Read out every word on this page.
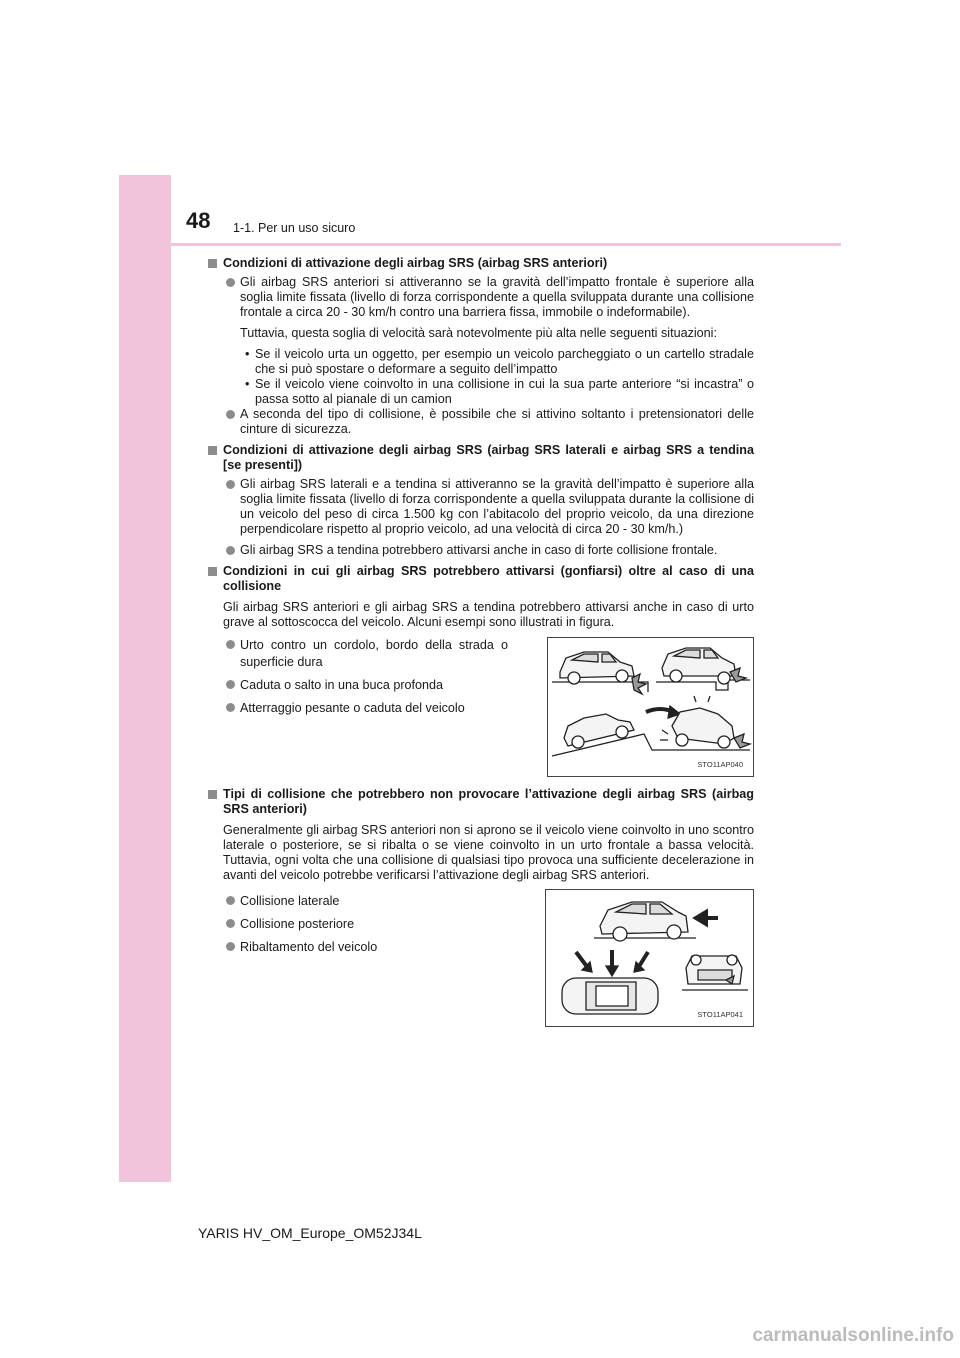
48 1-1. Per un uso sicuro
Condizioni di attivazione degli airbag SRS (airbag SRS anteriori)
Gli airbag SRS anteriori si attiveranno se la gravità dell’impatto frontale è superiore alla soglia limite fissata (livello di forza corrispondente a quella sviluppata durante una collisione frontale a circa 20 - 30 km/h contro una barriera fissa, immobile o indeformabile).
Tuttavia, questa soglia di velocità sarà notevolmente più alta nelle seguenti situazioni:
• Se il veicolo urta un oggetto, per esempio un veicolo parcheggiato o un cartello stradale che si può spostare o deformare a seguito dell’impatto
• Se il veicolo viene coinvolto in una collisione in cui la sua parte anteriore “si incastra” o passa sotto al pianale di un camion
A seconda del tipo di collisione, è possibile che si attivino soltanto i pretensionatori delle cinture di sicurezza.
Condizioni di attivazione degli airbag SRS (airbag SRS laterali e airbag SRS a tendina [se presenti])
Gli airbag SRS laterali e a tendina si attiveranno se la gravità dell’impatto è superiore alla soglia limite fissata (livello di forza corrispondente a quella sviluppata durante la collisione di un veicolo del peso di circa 1.500 kg con l’abitacolo del proprio veicolo, da una direzione perpendicolare rispetto al proprio veicolo, ad una velocità di circa 20 - 30 km/h.)
Gli airbag SRS a tendina potrebbero attivarsi anche in caso di forte collisione frontale.
Condizioni in cui gli airbag SRS potrebbero attivarsi (gonfiarsi) oltre al caso di una collisione
Gli airbag SRS anteriori e gli airbag SRS a tendina potrebbero attivarsi anche in caso di urto grave al sottoscocca del veicolo. Alcuni esempi sono illustrati in figura.
Urto contro un cordolo, bordo della strada o superficie dura
Caduta o salto in una buca profonda
Atterraggio pesante o caduta del veicolo
STO11AP040
Tipi di collisione che potrebbero non provocare l’attivazione degli airbag SRS (airbag SRS anteriori)
Generalmente gli airbag SRS anteriori non si aprono se il veicolo viene coinvolto in uno scontro laterale o posteriore, se si ribalta o se viene coinvolto in un urto frontale a bassa velocità. Tuttavia, ogni volta che una collisione di qualsiasi tipo provoca una sufficiente decelerazione in avanti del veicolo potrebbe verificarsi l’attivazione degli airbag SRS anteriori.
Collisione laterale
Collisione posteriore
Ribaltamento del veicolo
STO11AP041
YARIS HV_OM_Europe_OM52J34L
carmanualsonline.info
